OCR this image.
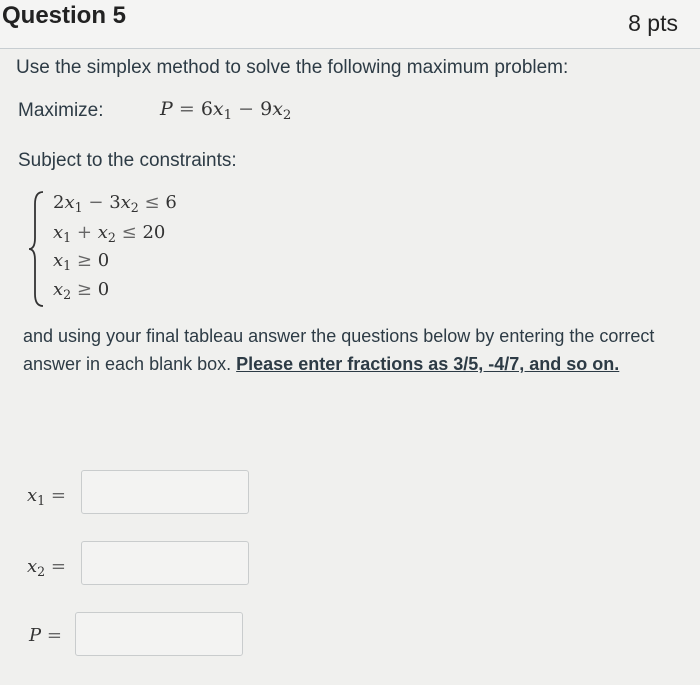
Question 5	8 pts
Use the simplex method to solve the following maximum problem:
Maximize:	$P = 6x_1 - 9x_2$
Subject to the constraints:
$2x_1 - 3x_2 \le 6$
$x_1 + x_2 \le 20$
$x_1 \ge 0$
$x_2 \ge 0$
and using your final tableau answer the questions below by entering the correct answer in each blank box. Please enter fractions as 3/5, -4/7, and so on.
$x_1$ =
$x_2$ =
P =
